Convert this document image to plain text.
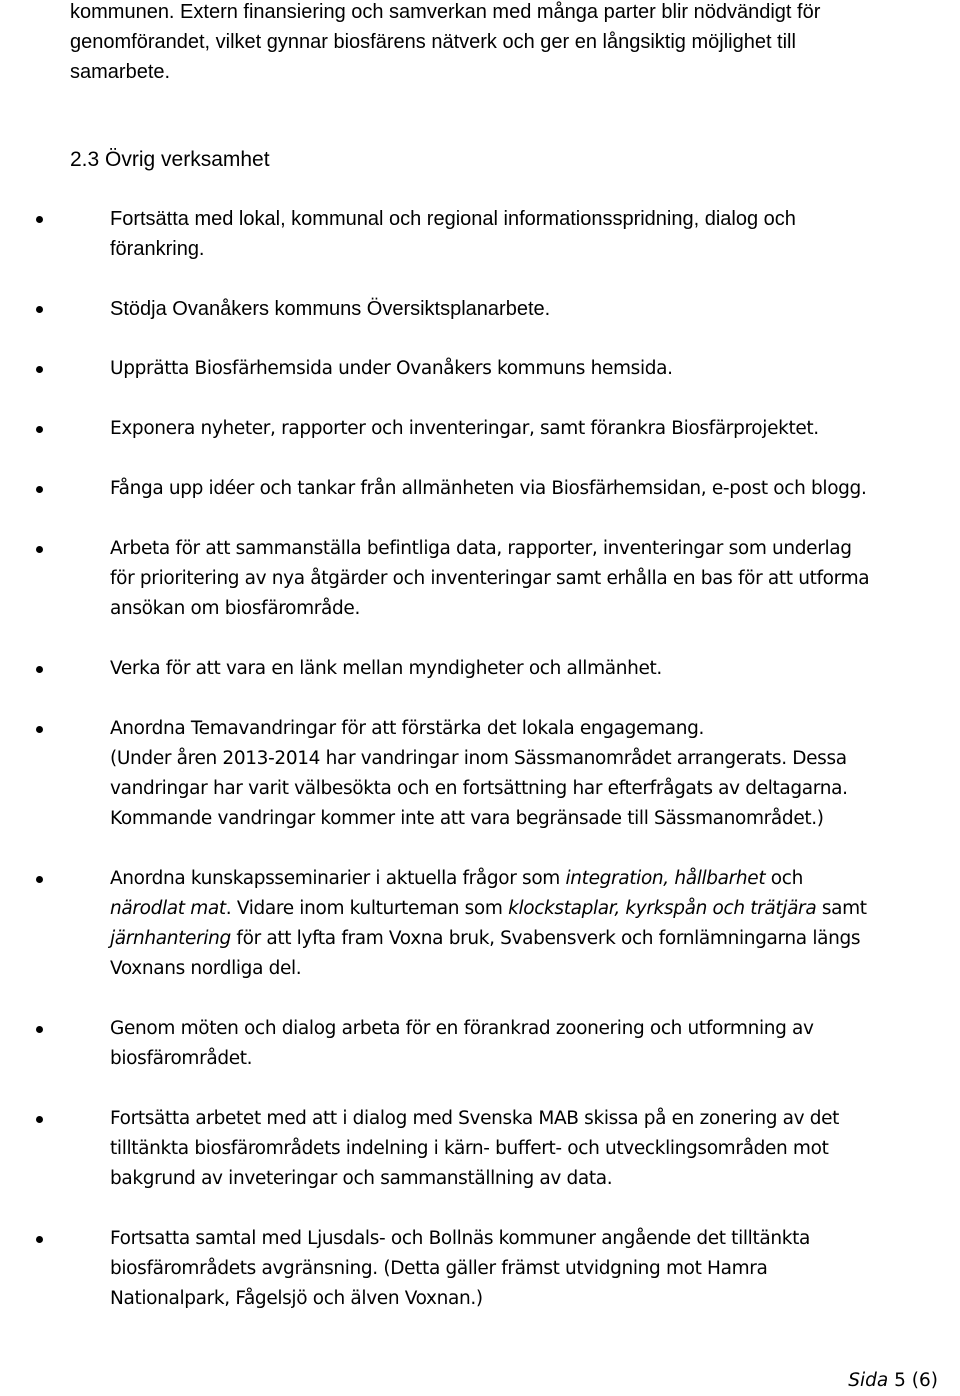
kommunen. Extern finansiering och samverkan med många parter blir nödvändigt för
genomförandet, vilket gynnar biosfärens nätverk och ger en långsiktig möjlighet till
samarbete.
2.3 Övrig verksamhet
Fortsätta med lokal, kommunal och regional informationsspridning, dialog och
förankring.
Stödja Ovanåkers kommuns Översiktsplanarbete.
Upprätta Biosfärhemsida under Ovanåkers kommuns hemsida.
Exponera nyheter, rapporter och inventeringar, samt förankra Biosfärprojektet.
Fånga upp idéer och tankar från allmänheten via Biosfärhemsidan, e-post och blogg.
Arbeta för att sammanställa befintliga data, rapporter, inventeringar som underlag
för prioritering av nya åtgärder och inventeringar samt erhålla en bas för att utforma
ansökan om biosfärområde.
Verka för att vara en länk mellan myndigheter och allmänhet.
Anordna Temavandringar för att förstärka det lokala engagemang.
(Under åren 2013-2014 har vandringar inom Sässmanområdet arrangerats. Dessa
vandringar har varit välbesökta och en fortsättning har efterfrågats av deltagarna.
Kommande vandringar kommer inte att vara begränsade till Sässmanområdet.)
Anordna kunskapsseminarier i aktuella frågor som integration, hållbarhet och
närodlat mat. Vidare inom kulturteman som klockstaplar, kyrkspån och trätjära samt
järnhantering för att lyfta fram Voxna bruk, Svabensverk och fornlämningarna längs
Voxnans nordliga del.
Genom möten och dialog arbeta för en förankrad zoonering och utformning av
biosfärområdet.
Fortsätta arbetet med att i dialog med Svenska MAB skissa på en zonering av det
tilltänkta biosfärområdets indelning i kärn- buffert- och utvecklingsområden mot
bakgrund av inveteringar och sammanställning av data.
Fortsatta samtal med Ljusdals- och Bollnäs kommuner angående det tilltänkta
biosfärområdets avgränsning. (Detta gäller främst utvidgning mot Hamra
Nationalpark, Fågelsjö och älven Voxnan.)
Sida 5 (6)
